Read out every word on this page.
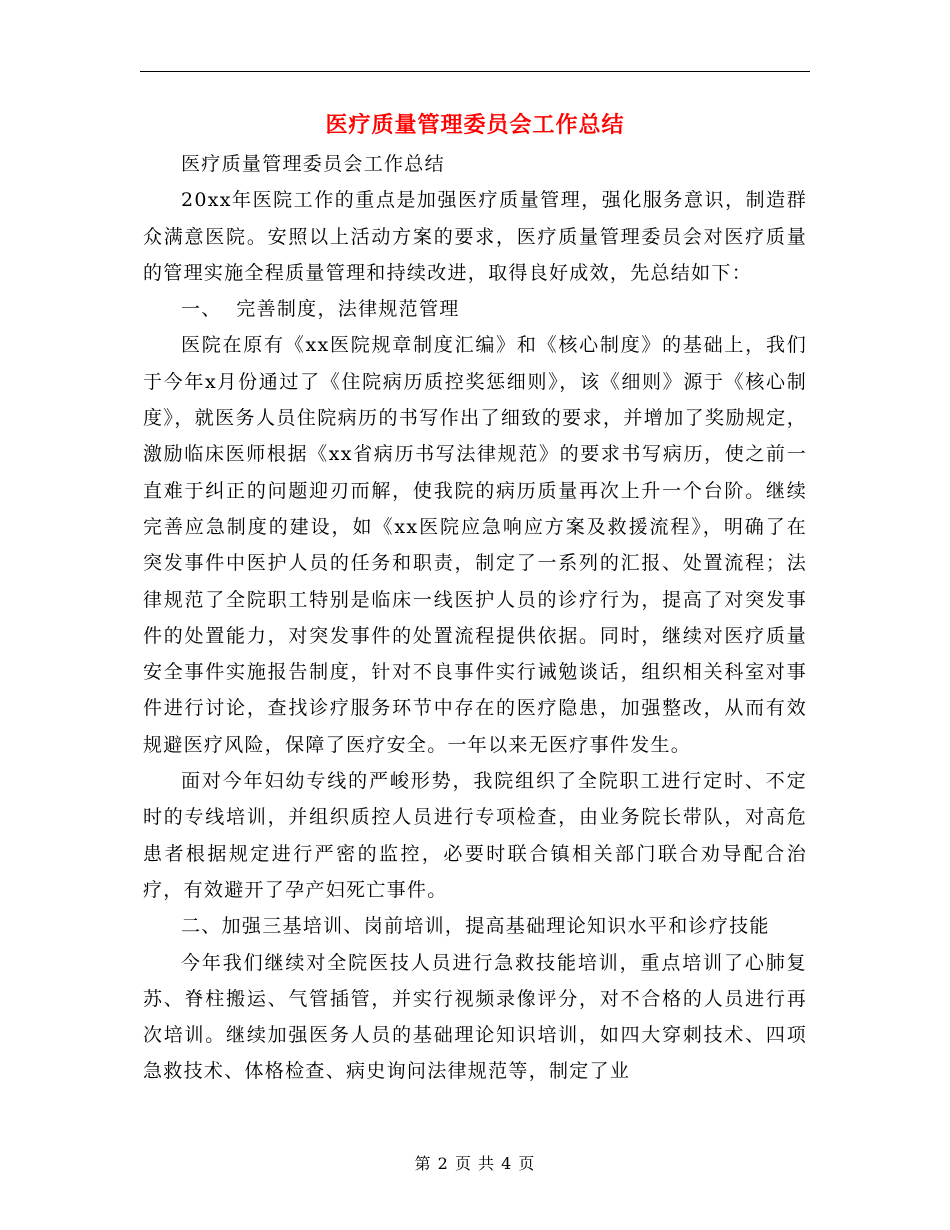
医疗质量管理委员会工作总结

医疗质量管理委员会工作总结

20xx年医院工作的重点是加强医疗质量管理，强化服务意识，制造群众满意医院。安照以上活动方案的要求，医疗质量管理委员会对医疗质量的管理实施全程质量管理和持续改进，取得良好成效，先总结如下：

一、  完善制度，法律规范管理

医院在原有《xx医院规章制度汇编》和《核心制度》的基础上，我们于今年x月份通过了《住院病历质控奖惩细则》，该《细则》源于《核心制度》，就医务人员住院病历的书写作出了细致的要求，并增加了奖励规定，激励临床医师根据《xx省病历书写法律规范》的要求书写病历，使之前一直难于纠正的问题迎刃而解，使我院的病历质量再次上升一个台阶。继续完善应急制度的建设，如《xx医院应急响应方案及救援流程》，明确了在突发事件中医护人员的任务和职责，制定了一系列的汇报、处置流程；法律规范了全院职工特别是临床一线医护人员的诊疗行为，提高了对突发事件的处置能力，对突发事件的处置流程提供依据。同时，继续对医疗质量安全事件实施报告制度，针对不良事件实行诫勉谈话，组织相关科室对事件进行讨论，查找诊疗服务环节中存在的医疗隐患，加强整改，从而有效规避医疗风险，保障了医疗安全。一年以来无医疗事件发生。

面对今年妇幼专线的严峻形势，我院组织了全院职工进行定时、不定时的专线培训，并组织质控人员进行专项检查，由业务院长带队，对高危患者根据规定进行严密的监控，必要时联合镇相关部门联合劝导配合治疗，有效避开了孕产妇死亡事件。

二、加强三基培训、岗前培训，提高基础理论知识水平和诊疗技能

今年我们继续对全院医技人员进行急救技能培训，重点培训了心肺复苏、脊柱搬运、气管插管，并实行视频录像评分，对不合格的人员进行再次培训。继续加强医务人员的基础理论知识培训，如四大穿刺技术、四项急救技术、体格检查、病史询问法律规范等，制定了业

第 2 页 共 4 页
